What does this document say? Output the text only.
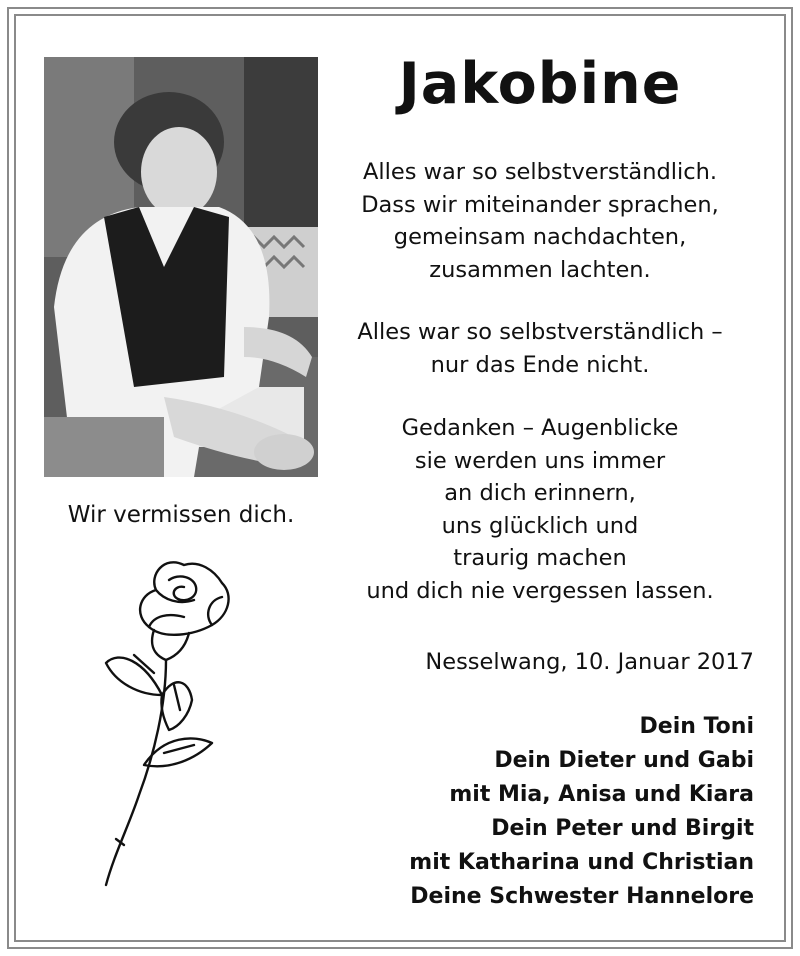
Wir vermissen dich.
Jakobine
Alles war so selbstverständlich.
Dass wir miteinander sprachen,
gemeinsam nachdachten,
zusammen lachten.
Alles war so selbstverständlich –
nur das Ende nicht.
Gedanken – Augenblicke
sie werden uns immer
an dich erinnern,
uns glücklich und
traurig machen
und dich nie vergessen lassen.
Nesselwang, 10. Januar 2017
Dein Toni
Dein Dieter und Gabi
mit Mia, Anisa und Kiara
Dein Peter und Birgit
mit Katharina und Christian
Deine Schwester Hannelore
